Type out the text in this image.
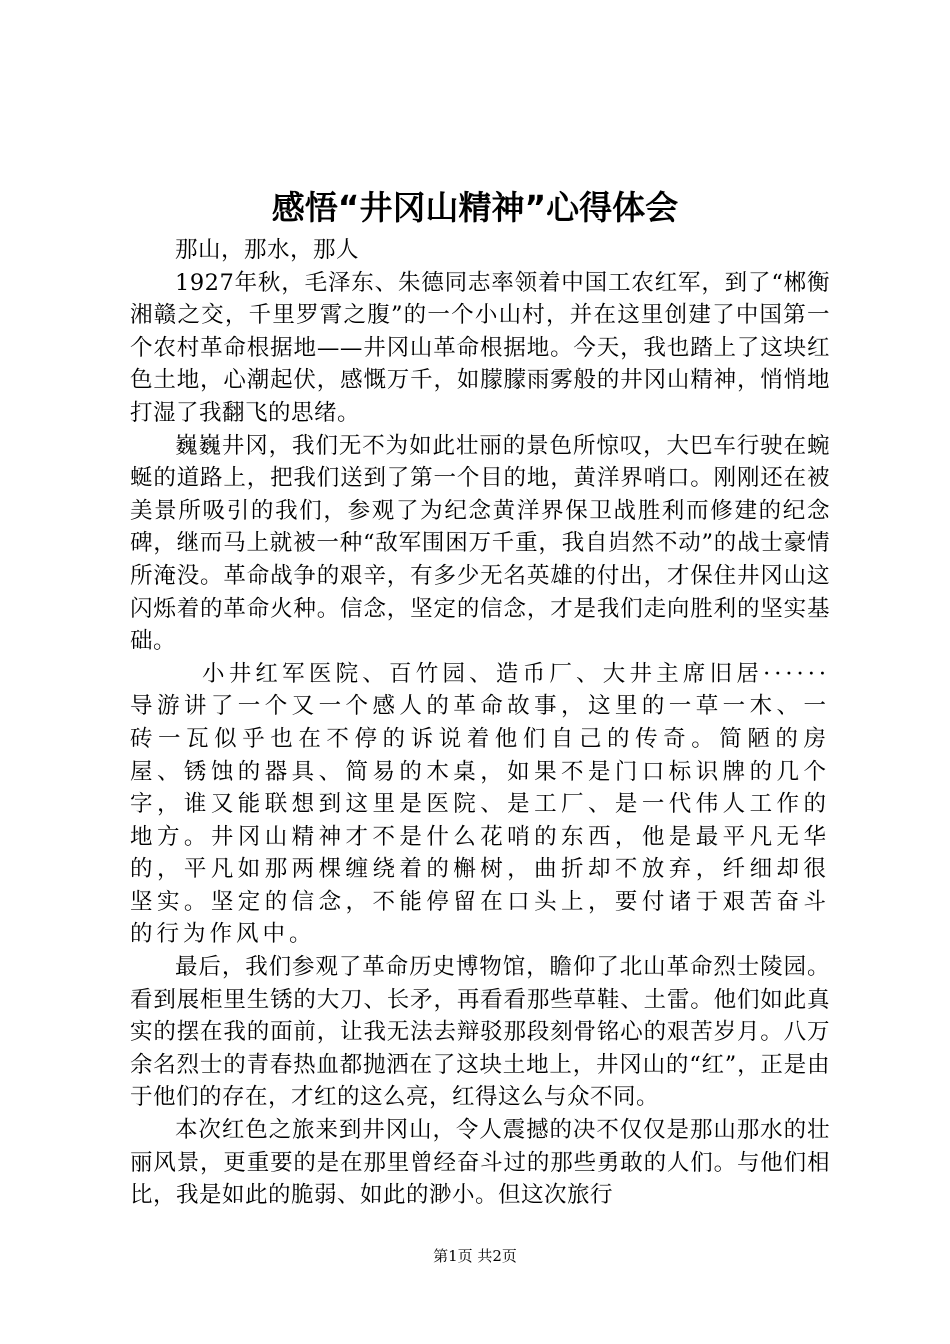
感悟“井冈山精神”心得体会

那山，那水，那人

1927年秋，毛泽东、朱德同志率领着中国工农红军，到了“郴衡湘赣之交，千里罗霄之腹”的一个小山村，并在这里创建了中国第一个农村革命根据地——井冈山革命根据地。今天，我也踏上了这块红色土地，心潮起伏，感慨万千，如朦朦雨雾般的井冈山精神，悄悄地打湿了我翻飞的思绪。

巍巍井冈，我们无不为如此壮丽的景色所惊叹，大巴车行驶在蜿蜒的道路上，把我们送到了第一个目的地，黄洋界哨口。刚刚还在被美景所吸引的我们，参观了为纪念黄洋界保卫战胜利而修建的纪念碑，继而马上就被一种“敌军围困万千重，我自岿然不动”的战士豪情所淹没。革命战争的艰辛，有多少无名英雄的付出，才保住井冈山这闪烁着的革命火种。信念，坚定的信念，才是我们走向胜利的坚实基础。

小井红军医院、百竹园、造币厂、大井主席旧居······导游讲了一个又一个感人的革命故事，这里的一草一木、一砖一瓦似乎也在不停的诉说着他们自己的传奇。简陋的房屋、锈蚀的器具、简易的木桌，如果不是门口标识牌的几个字，谁又能联想到这里是医院、是工厂、是一代伟人工作的地方。井冈山精神才不是什么花哨的东西，他是最平凡无华的，平凡如那两棵缠绕着的槲树，曲折却不放弃，纤细却很坚实。坚定的信念，不能停留在口头上，要付诸于艰苦奋斗的行为作风中。

最后，我们参观了革命历史博物馆，瞻仰了北山革命烈士陵园。看到展柜里生锈的大刀、长矛，再看看那些草鞋、土雷。他们如此真实的摆在我的面前，让我无法去辩驳那段刻骨铭心的艰苦岁月。八万余名烈士的青春热血都抛洒在了这块土地上，井冈山的“红”，正是由于他们的存在，才红的这么亮，红得这么与众不同。

本次红色之旅来到井冈山，令人震撼的决不仅仅是那山那水的壮丽风景，更重要的是在那里曾经奋斗过的那些勇敢的人们。与他们相比，我是如此的脆弱、如此的渺小。但这次旅行

第1页 共2页
